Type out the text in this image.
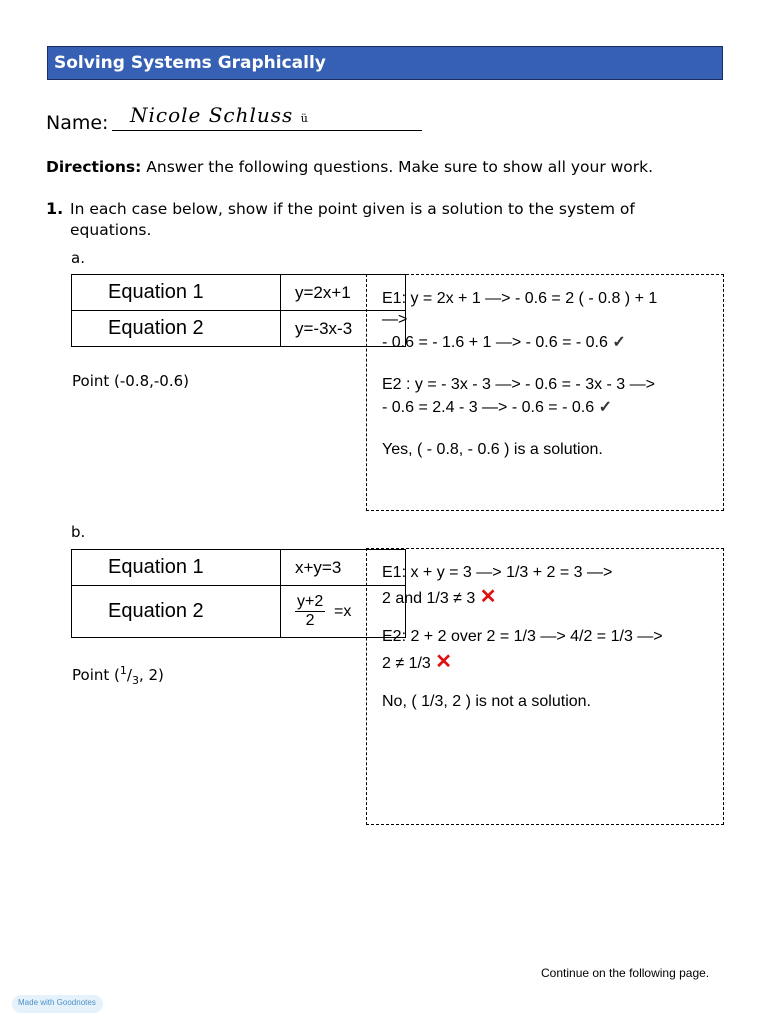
Solving Systems Graphically
Name: Nicole Schluss ü
Directions: Answer the following questions. Make sure to show all your work.
1. In each case below, show if the point given is a solution to the system of equations.
a.
Equation 1	y=2x+1
Equation 2	y=-3x-3
Point (-0.8,-0.6)
E1: y = 2x + 1 —> - 0.6 = 2 ( - 0.8 ) + 1
—>
- 0.6 = - 1.6 + 1 —> - 0.6 = - 0.6 ✓
E2 : y = - 3x - 3 —> - 0.6 = - 3x - 3 —>
- 0.6 = 2.4 - 3 —> - 0.6 = - 0.6 ✓
Yes, ( - 0.8, - 0.6 ) is a solution.
b.
Equation 1	x+y=3
Equation 2	$\frac{y+2}{2} =x$
Point ($^1/_3$, 2)
E1: x + y = 3 —> 1/3 + 2 = 3 —>
2 and 1/3 ≠ 3 ✕
E2: 2 + 2 over 2 = 1/3 —> 4/2 = 1/3 —>
2 ≠ 1/3 ✕
No, ( 1/3, 2 ) is not a solution.
Continue on the following page.
Made with Goodnotes
